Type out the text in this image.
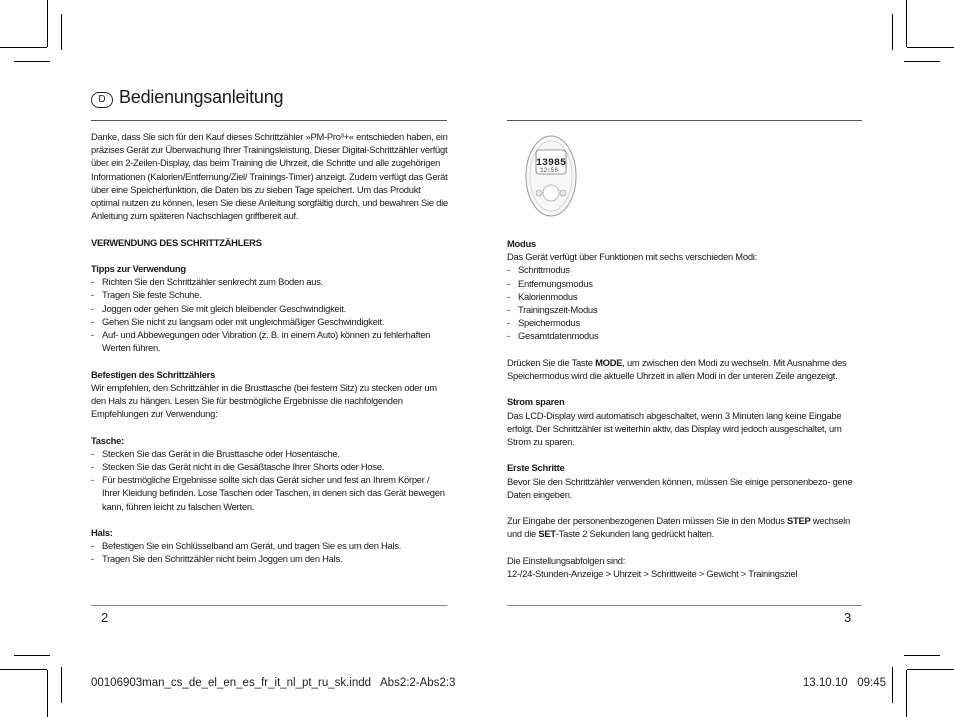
D Bedienungsanleitung

Danke, dass Sie sich für den Kauf dieses Schrittzähler »PM-Pro³+« entschieden haben, ein präzises Gerät zur Überwachung Ihrer Trainingsleistung. Dieser Digital-Schrittzähler verfügt über ein 2-Zeilen-Display, das beim Training die Uhrzeit, die Schritte und alle zugehörigen Informationen (Kalorien/Entfernung/Ziel/ Trainings-Timer) anzeigt. Zudem verfügt das Gerät über eine Speicherfunktion, die Daten bis zu sieben Tage speichert. Um das Produkt optimal nutzen zu können, lesen Sie diese Anleitung sorgfältig durch, und bewahren Sie die Anleitung zum späteren Nachschlagen griffbereit auf.

VERWENDUNG DES SCHRITTZÄHLERS

Tipps zur Verwendung

- Richten Sie den Schrittzähler senkrecht zum Boden aus.
- Tragen Sie feste Schuhe.
- Joggen oder gehen Sie mit gleich bleibender Geschwindigkeit.
- Gehen Sie nicht zu langsam oder mit ungleichmäßiger Geschwindigkeit.
- Auf- und Abbewegungen oder Vibration (z. B. in einem Auto) können zu fehlerhaften Werten führen.

Befestigen des Schrittzählers

Wir empfehlen, den Schrittzähler in die Brusttasche (bei festem Sitz) zu stecken oder um den Hals zu hängen. Lesen Sie für bestmögliche Ergebnisse die nachfolgenden Empfehlungen zur Verwendung:

Tasche:

- Stecken Sie das Gerät in die Brusttasche oder Hosentasche.
- Stecken Sie das Gerät nicht in die Gesäßtasche Ihrer Shorts oder Hose.
- Für bestmögliche Ergebnisse sollte sich das Gerät sicher und fest an Ihrem Körper / Ihrer Kleidung befinden. Lose Taschen oder Taschen, in denen sich das Gerät bewegen kann, führen leicht zu falschen Werten.

Hals:

- Befestigen Sie ein Schlüsselband am Gerät, und tragen Sie es um den Hals.
- Tragen Sie den Schrittzähler nicht beim Joggen um den Hals.
2
13985
12:58

Modus

Das Gerät verfügt über Funktionen mit sechs verschieden Modi:

- Schrittmodus
- Entfernungsmodus
- Kalorienmodus
- Trainingszeit-Modus
- Speichermodus
- Gesamtdatenmodus

Drücken Sie die Taste MODE, um zwischen den Modi zu wechseln. Mit Ausnahme des Speichermodus wird die aktuelle Uhrzeit in allen Modi in der unteren Zeile angezeigt.

Strom sparen

Das LCD-Display wird automatisch abgeschaltet, wenn 3 Minuten lang keine Eingabe erfolgt. Der Schrittzähler ist weiterhin aktiv, das Display wird jedoch ausgeschaltet, um Strom zu sparen.

Erste Schritte

Bevor Sie den Schrittzähler verwenden können, müssen Sie einige personenbezo- gene Daten eingeben.

Zur Eingabe der personenbezogenen Daten müssen Sie in den Modus STEP wechseln und die SET-Taste 2 Sekunden lang gedrückt halten.

Die Einstellungsabfolgen sind:

12-/24-Stunden-Anzeige > Uhrzeit > Schrittweite > Gewicht > Trainingsziel

3
00106903man_cs_de_el_en_es_fr_it_nl_pt_ru_sk.indd   Abs2:2-Abs2:3	13.10.10   09:45
